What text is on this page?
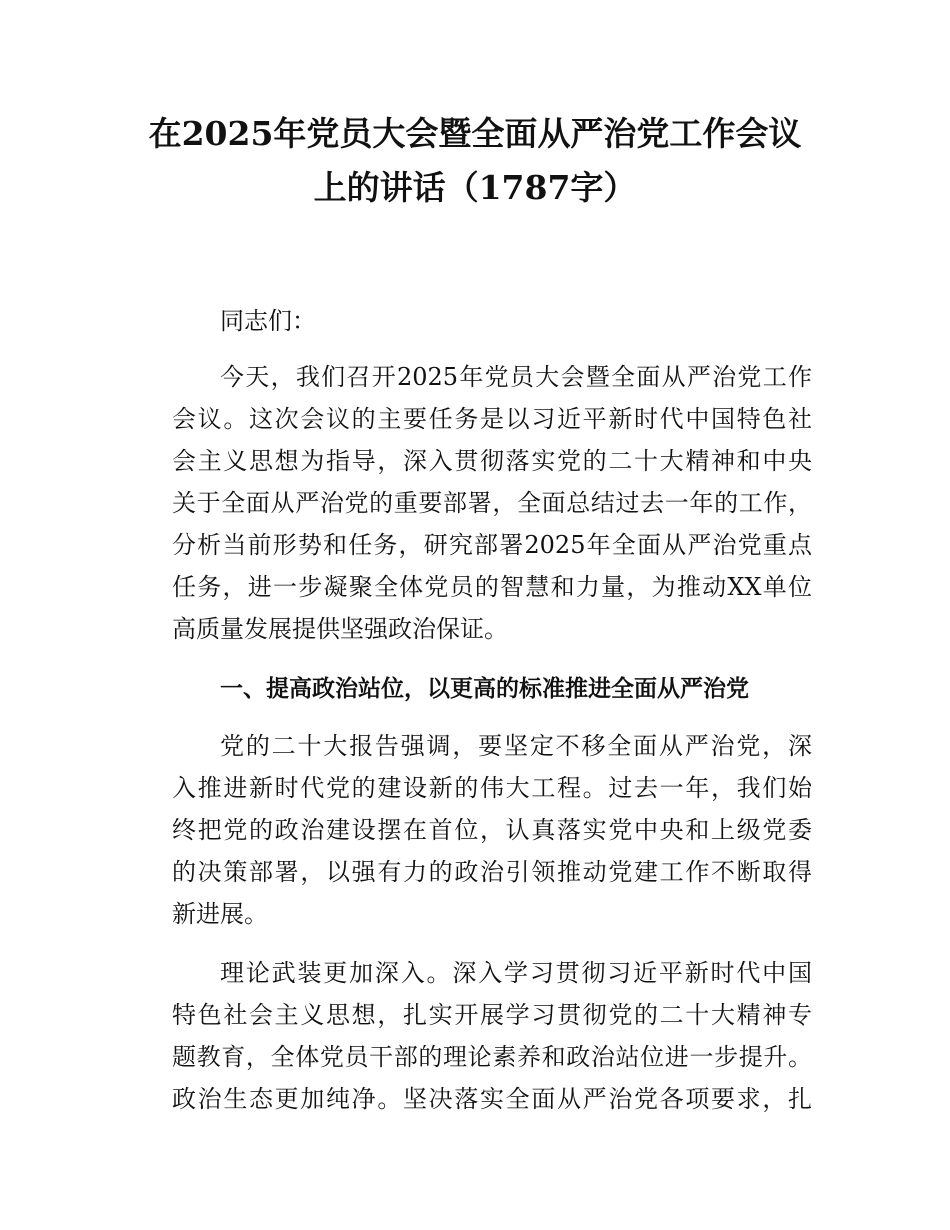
在2025年党员大会暨全面从严治党工作会议
上的讲话（1787字）

同志们：

今天，我们召开2025年党员大会暨全面从严治党工作
会议。这次会议的主要任务是以习近平新时代中国特色社
会主义思想为指导，深入贯彻落实党的二十大精神和中央
关于全面从严治党的重要部署，全面总结过去一年的工作，
分析当前形势和任务，研究部署2025年全面从严治党重点
任务，进一步凝聚全体党员的智慧和力量，为推动XX单位
高质量发展提供坚强政治保证。

一、提高政治站位，以更高的标准推进全面从严治党

党的二十大报告强调，要坚定不移全面从严治党，深
入推进新时代党的建设新的伟大工程。过去一年，我们始
终把党的政治建设摆在首位，认真落实党中央和上级党委
的决策部署，以强有力的政治引领推动党建工作不断取得
新进展。

理论武装更加深入。深入学习贯彻习近平新时代中国
特色社会主义思想，扎实开展学习贯彻党的二十大精神专
题教育，全体党员干部的理论素养和政治站位进一步提升。
政治生态更加纯净。坚决落实全面从严治党各项要求，扎
